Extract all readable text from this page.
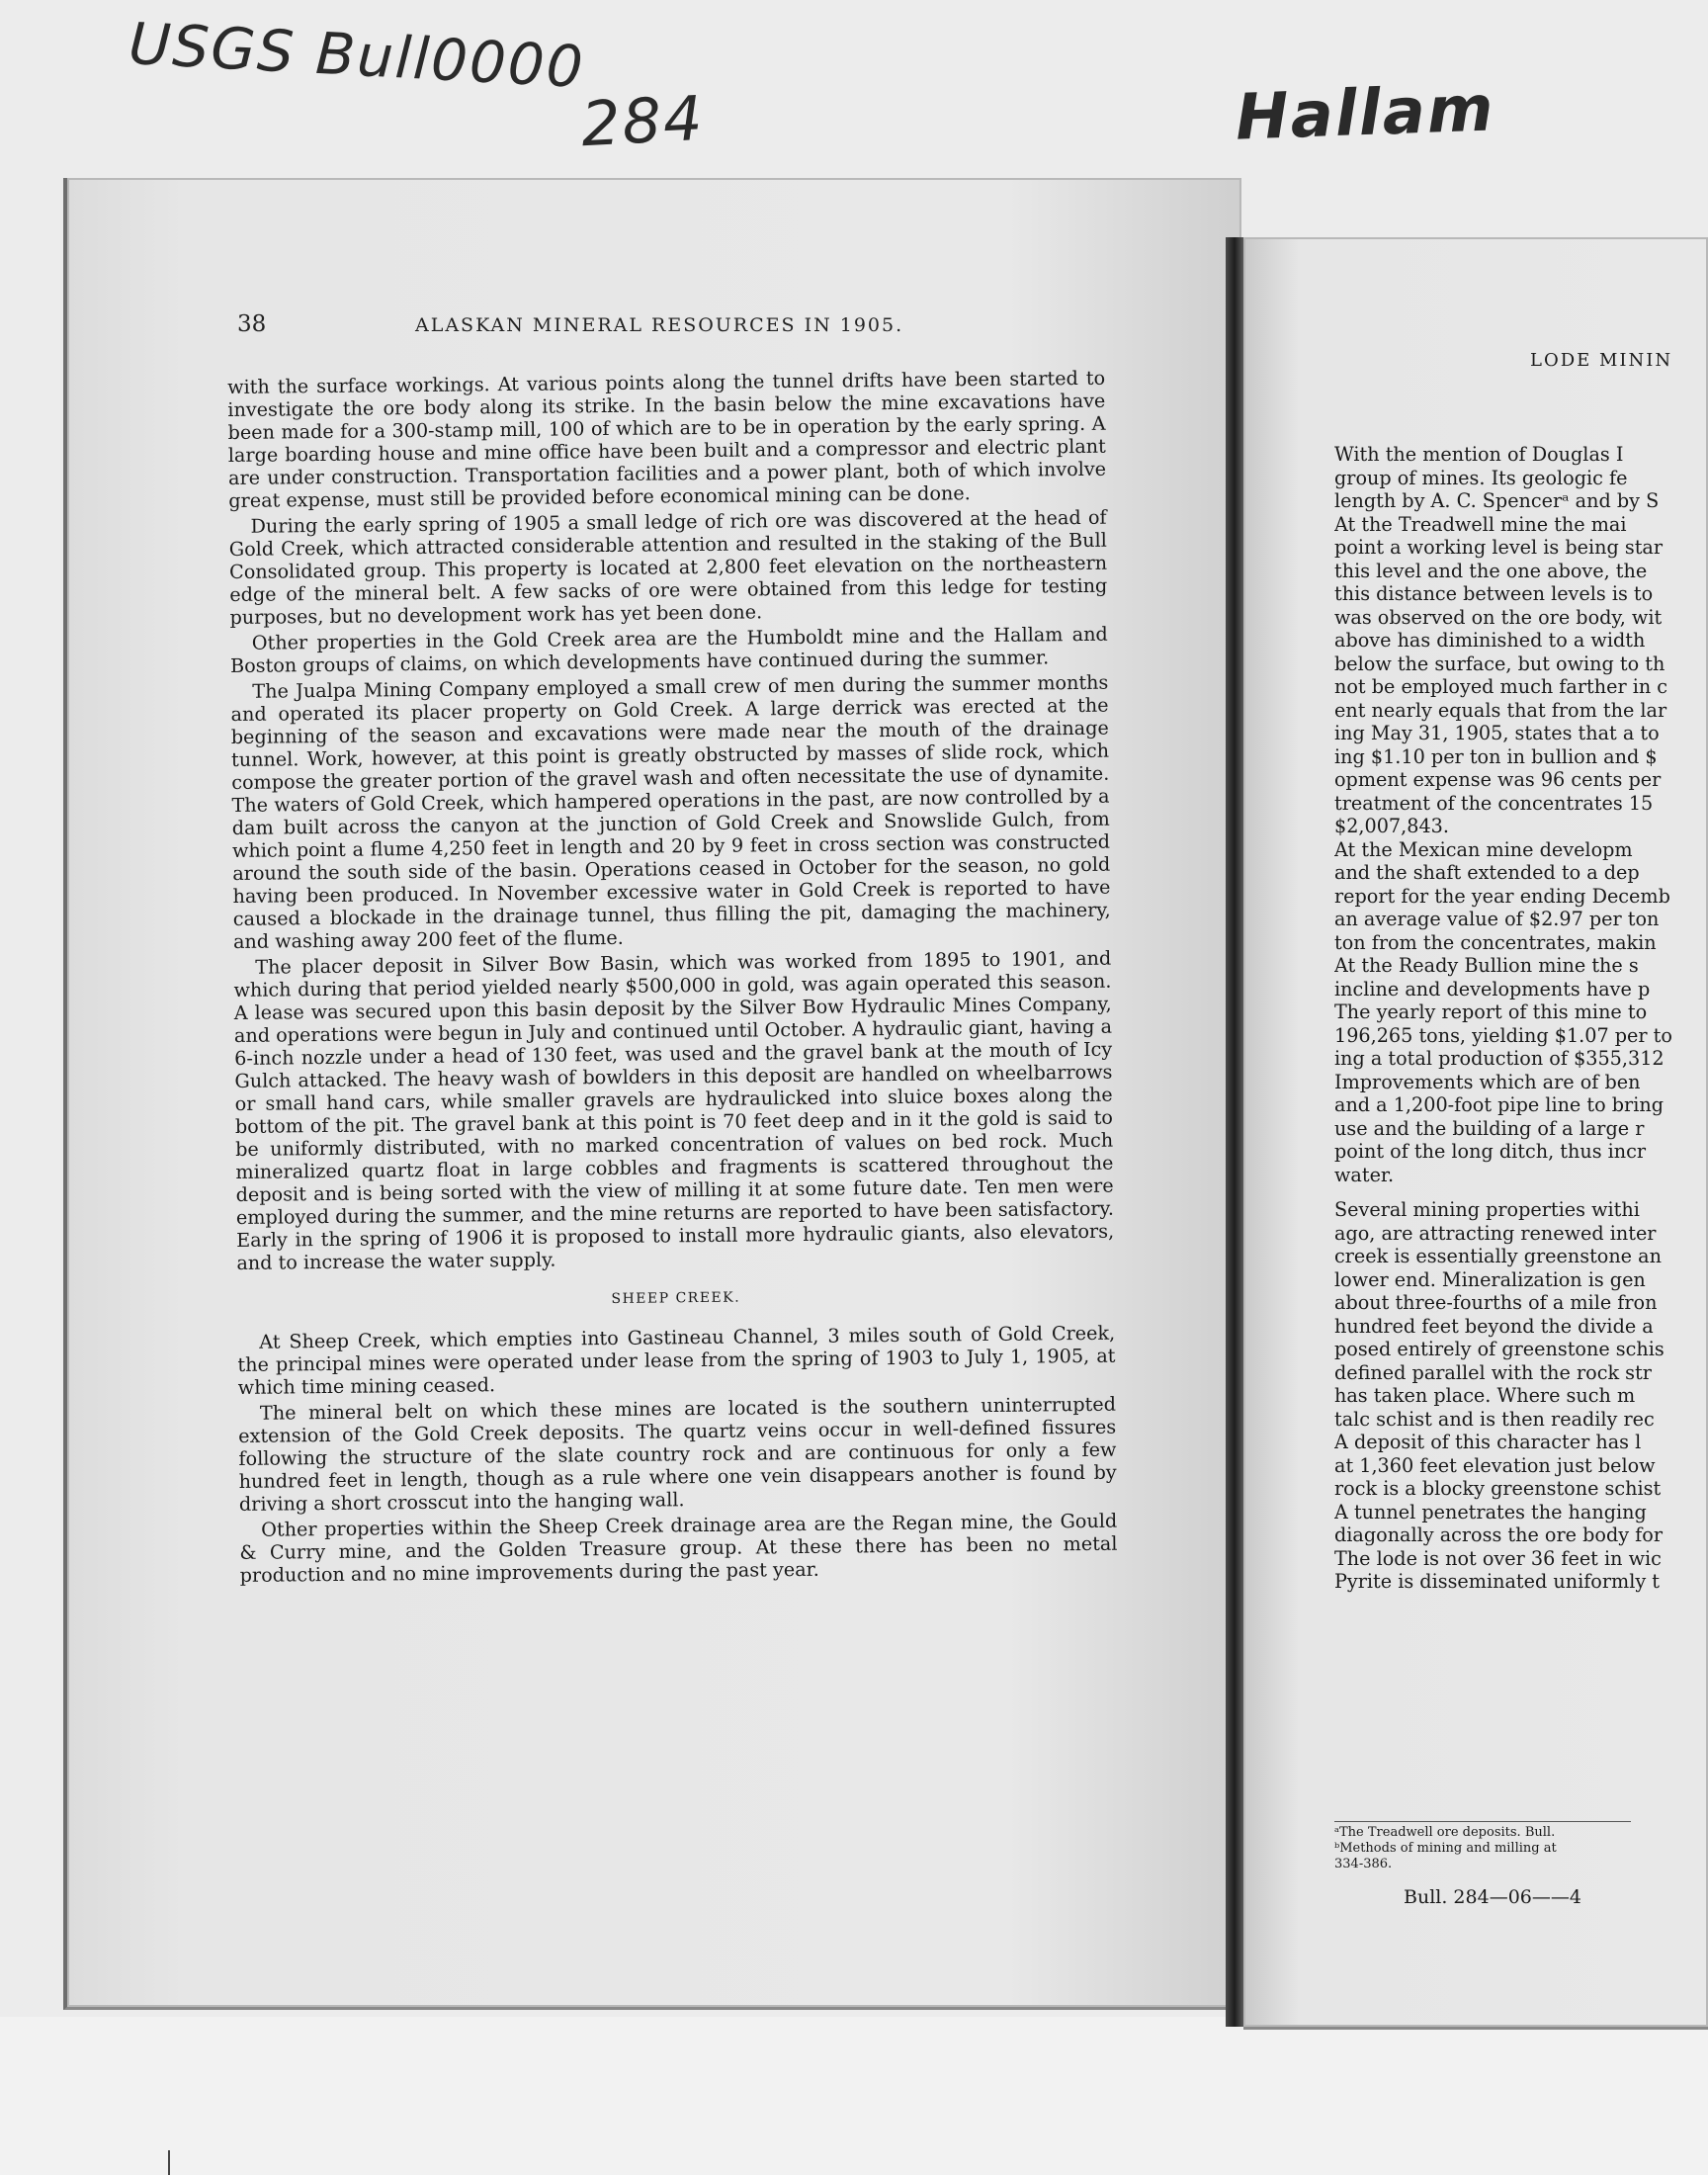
USGS Bull0000
284	Hallam
38	ALASKAN MINERAL RESOURCES IN 1905.

with the surface workings. At various points along the tunnel drifts have been started to investigate the ore body along its strike. In the basin below the mine excavations have been made for a 300-stamp mill, 100 of which are to be in operation by the early spring. A large boarding house and mine office have been built and a compressor and electric plant are under construction. Transportation facilities and a power plant, both of which involve great expense, must still be provided before economical mining can be done.

During the early spring of 1905 a small ledge of rich ore was discovered at the head of Gold Creek, which attracted considerable attention and resulted in the staking of the Bull Consolidated group. This property is located at 2,800 feet elevation on the northeastern edge of the mineral belt. A few sacks of ore were obtained from this ledge for testing purposes, but no development work has yet been done.

Other properties in the Gold Creek area are the Humboldt mine and the Hallam and Boston groups of claims, on which developments have continued during the summer.

The Jualpa Mining Company employed a small crew of men during the summer months and operated its placer property on Gold Creek. A large derrick was erected at the beginning of the season and excavations were made near the mouth of the drainage tunnel. Work, however, at this point is greatly obstructed by masses of slide rock, which compose the greater portion of the gravel wash and often necessitate the use of dynamite. The waters of Gold Creek, which hampered operations in the past, are now controlled by a dam built across the canyon at the junction of Gold Creek and Snowslide Gulch, from which point a flume 4,250 feet in length and 20 by 9 feet in cross section was constructed around the south side of the basin. Operations ceased in October for the season, no gold having been produced. In November excessive water in Gold Creek is reported to have caused a blockade in the drainage tunnel, thus filling the pit, damaging the machinery, and washing away 200 feet of the flume.

The placer deposit in Silver Bow Basin, which was worked from 1895 to 1901, and which during that period yielded nearly $500,000 in gold, was again operated this season. A lease was secured upon this basin deposit by the Silver Bow Hydraulic Mines Company, and operations were begun in July and continued until October. A hydraulic giant, having a 6-inch nozzle under a head of 130 feet, was used and the gravel bank at the mouth of Icy Gulch attacked. The heavy wash of bowlders in this deposit are handled on wheelbarrows or small hand cars, while smaller gravels are hydraulicked into sluice boxes along the bottom of the pit. The gravel bank at this point is 70 feet deep and in it the gold is said to be uniformly distributed, with no marked concentration of values on bed rock. Much mineralized quartz float in large cobbles and fragments is scattered throughout the deposit and is being sorted with the view of milling it at some future date. Ten men were employed during the summer, and the mine returns are reported to have been satisfactory. Early in the spring of 1906 it is proposed to install more hydraulic giants, also elevators, and to increase the water supply.

SHEEP CREEK.

At Sheep Creek, which empties into Gastineau Channel, 3 miles south of Gold Creek, the principal mines were operated under lease from the spring of 1903 to July 1, 1905, at which time mining ceased.

The mineral belt on which these mines are located is the southern uninterrupted extension of the Gold Creek deposits. The quartz veins occur in well-defined fissures following the structure of the slate country rock and are continuous for only a few hundred feet in length, though as a rule where one vein disappears another is found by driving a short crosscut into the hanging wall.

Other properties within the Sheep Creek drainage area are the Regan mine, the Gould & Curry mine, and the Golden Treasure group. At these there has been no metal production and no mine improvements during the past year.

LODE MININ
With the mention of Douglas I
group of mines. Its geologic fe
length by A. C. Spencerᵃ and by S
At the Treadwell mine the mai
point a working level is being star
this level and the one above, the
this distance between levels is to
was observed on the ore body, wit
above has diminished to a width
below the surface, but owing to th
not be employed much farther in c
ent nearly equals that from the lar
ing May 31, 1905, states that a to
ing $1.10 per ton in bullion and $
opment expense was 96 cents per
treatment of the concentrates 15
$2,007,843.
At the Mexican mine developm
and the shaft extended to a dep
report for the year ending Decemb
an average value of $2.97 per ton
ton from the concentrates, makin
At the Ready Bullion mine the s
incline and developments have p
The yearly report of this mine to
196,265 tons, yielding $1.07 per to
ing a total production of $355,312
Improvements which are of ben
and a 1,200-foot pipe line to bring
use and the building of a large r
point of the long ditch, thus incr
water.
Several mining properties withi
ago, are attracting renewed inter
creek is essentially greenstone an
lower end. Mineralization is gen
about three-fourths of a mile fron
hundred feet beyond the divide a
posed entirely of greenstone schis
defined parallel with the rock str
has taken place. Where such m
talc schist and is then readily rec
A deposit of this character has l
at 1,360 feet elevation just below
rock is a blocky greenstone schist
A tunnel penetrates the hanging
diagonally across the ore body for
The lode is not over 36 feet in wic
Pyrite is disseminated uniformly t
ᵃThe Treadwell ore deposits. Bull.
ᵇMethods of mining and milling at
334-386.
Bull. 284—06——4
